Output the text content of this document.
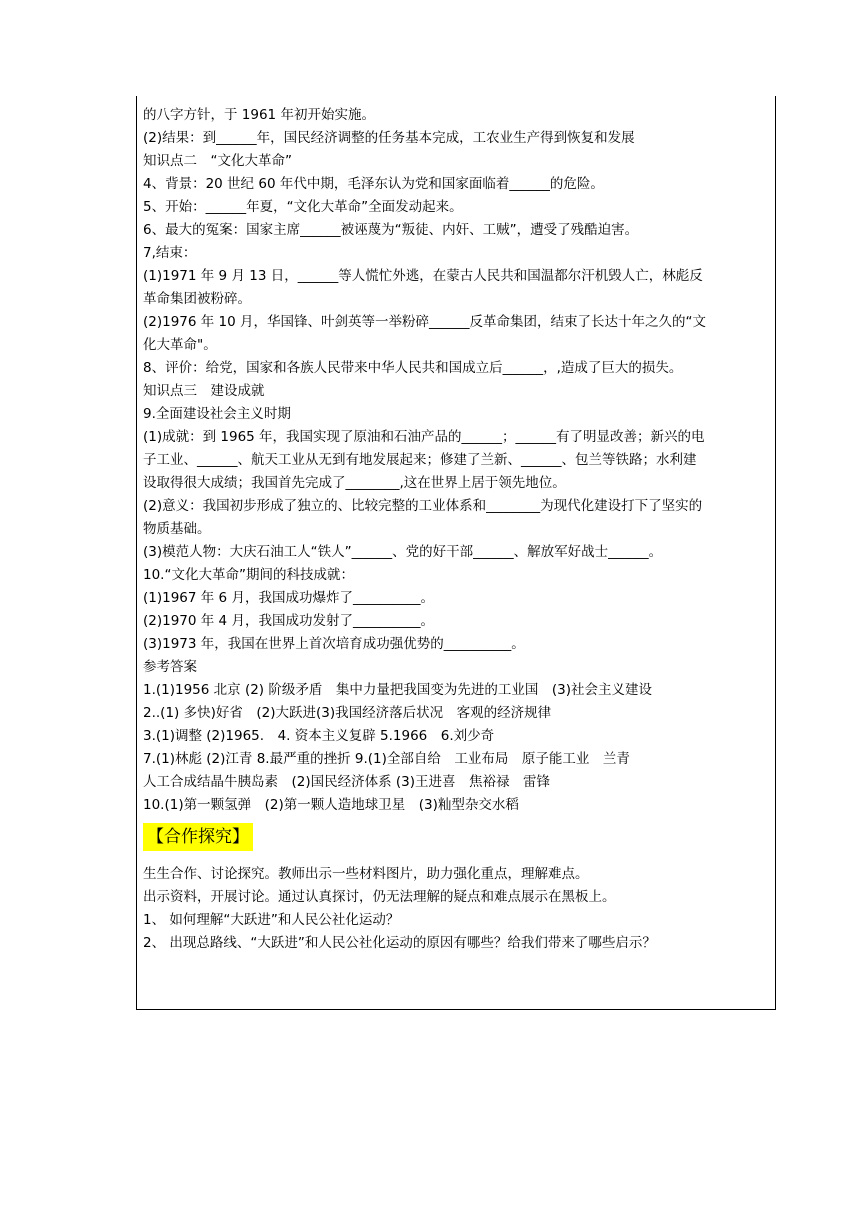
的八字方针，于 1961 年初开始实施。
(2)结果：到______年，国民经济调整的任务基本完成，工农业生产得到恢复和发展
知识点二　“文化大革命”
4、背景：20 世纪 60 年代中期，毛泽东认为党和国家面临着______的危险。
5、开始：______年夏，“文化大革命”全面发动起来。
6、最大的冤案：国家主席______被诬蔑为“叛徒、内奸、工贼”，遭受了残酷迫害。
7,结束：
(1)1971 年 9 月 13 日，______等人慌忙外逃，在蒙古人民共和国温都尔汗机毁人亡，林彪反
革命集团被粉碎。
(2)1976 年 10 月，华国锋、叶剑英等一举粉碎______反革命集团，结束了长达十年之久的“文
化大革命"。
8、评价：给党，国家和各族人民带来中华人民共和国成立后______，,造成了巨大的损失。
知识点三　建设成就
9.全面建设社会主义时期
(1)成就：到 1965 年，我国实现了原油和石油产品的______；______有了明显改善；新兴的电
子工业、______、航天工业从无到有地发展起来；修建了兰新、______、包兰等铁路；水利建
设取得很大成绩；我国首先完成了________,这在世界上居于领先地位。
(2)意义：我国初步形成了独立的、比较完整的工业体系和________为现代化建设打下了坚实的
物质基础。
(3)模范人物：大庆石油工人“铁人”______、党的好干部______、解放军好战士______。
10.“文化大革命”期间的科技成就：
(1)1967 年 6 月，我国成功爆炸了__________。
(2)1970 年 4 月，我国成功发射了__________。
(3)1973 年，我国在世界上首次培育成功强优势的__________。
参考答案
1.(1)1956 北京 (2) 阶级矛盾　集中力量把我国变为先进的工业国　(3)社会主义建设
2..(1) 多快)好省　(2)大跃进(3)我国经济落后状况　客观的经济规律
3.(1)调整 (2)1965.　4. 资本主义复辟 5.1966　6.刘少奇
7.(1)林彪 (2)江青 8.最严重的挫折 9.(1)全部自给　工业布局　原子能工业　兰青
人工合成结晶牛胰岛素　(2)国民经济体系 (3)王进喜　焦裕禄　雷锋
10.(1)第一颗氢弹　(2)第一颗人造地球卫星　(3)籼型杂交水稻
【合作探究】
生生合作、讨论探究。教师出示一些材料图片，助力强化重点，理解难点。
出示资料，开展讨论。通过认真探讨，仍无法理解的疑点和难点展示在黑板上。
1、 如何理解“大跃进”和人民公社化运动？
2、 出现总路线、“大跃进”和人民公社化运动的原因有哪些？给我们带来了哪些启示？
